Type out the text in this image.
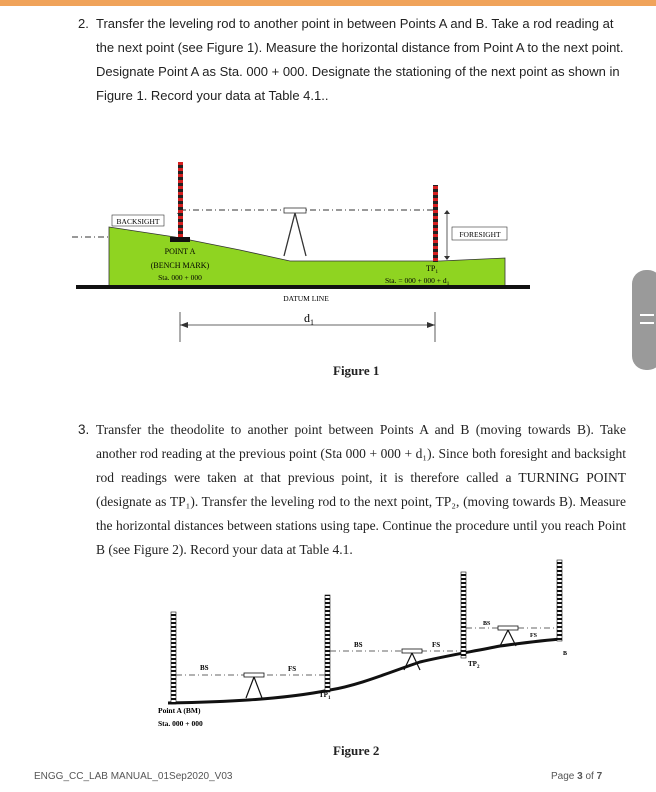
2. Transfer the leveling rod to another point in between Points A and B. Take a rod reading at the next point (see Figure 1). Measure the horizontal distance from Point A to the next point. Designate Point A as Sta. 000 + 000. Designate the stationing of the next point as shown in Figure 1. Record your data at Table 4.1..
BACKSIGHT
FORESIGHT
POINT A
(BENCH MARK)
Sta. 000 + 000
$TP_1$
Sta. = $000 + 000 + d_1$
DATUM LINE
$d_1$
Figure 1
3. Transfer the theodolite to another point between Points A and B (moving towards B). Take another rod reading at the previous point (Sta 000 + 000 + d₁). Since both foresight and backsight rod readings were taken at that previous point, it is therefore called a TURNING POINT (designate as TP₁). Transfer the leveling rod to the next point, TP₂, (moving towards B). Measure the horizontal distances between stations using tape. Continue the procedure until you reach Point B (see Figure 2). Record your data at Table 4.1.
BS	FS
BS	FS
BS
FS
$TP_1$
$TP_2$
B
Point A (BM)
Sta. 000 + 000
Figure 2
ENGG_CC_LAB MANUAL_01Sep2020_V03	Page 3 of 7
